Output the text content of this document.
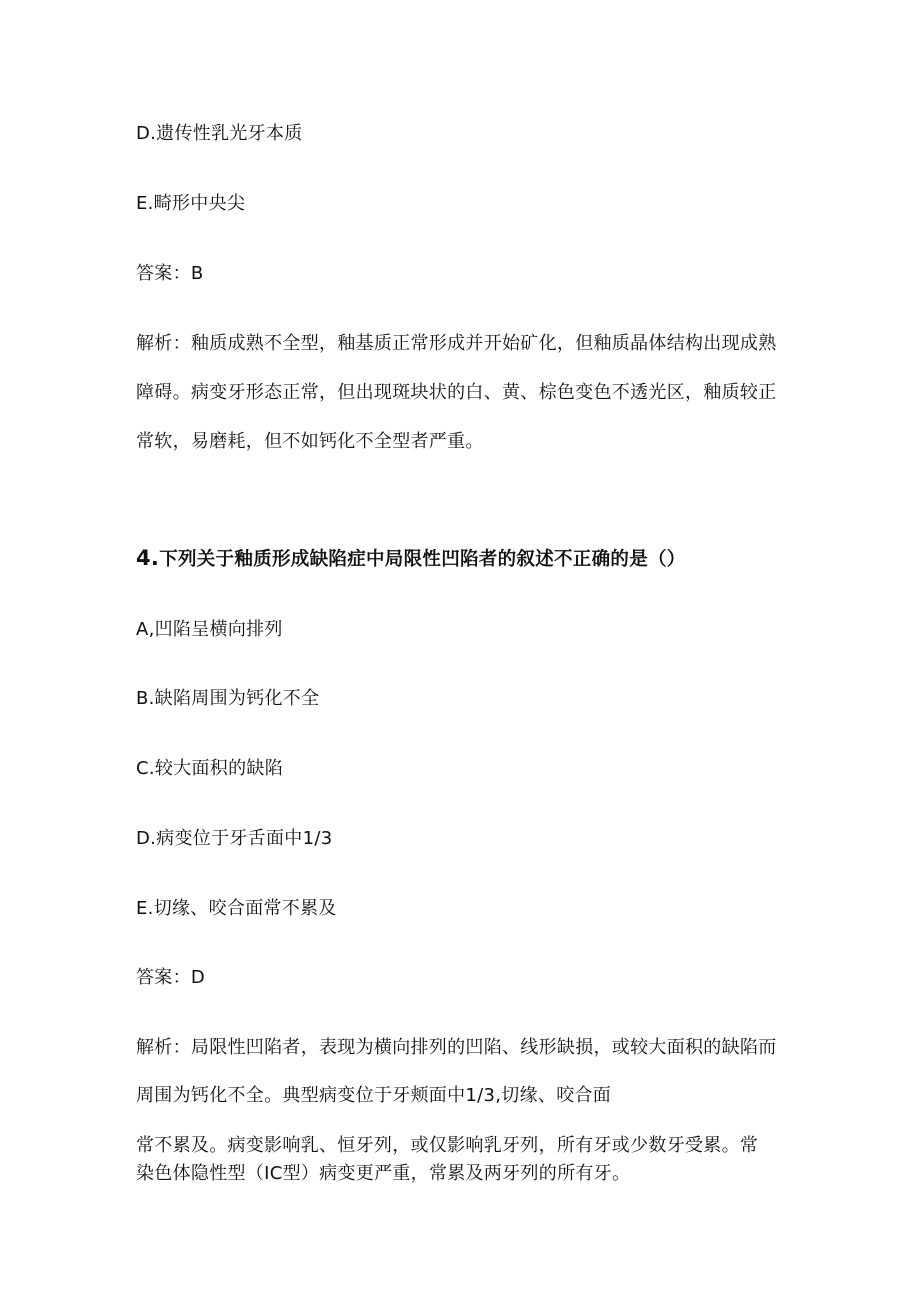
D.遗传性乳光牙本质
E.畸形中央尖
答案：B
解析：釉质成熟不全型，釉基质正常形成并开始矿化，但釉质晶体结构出现成熟
障碍。病变牙形态正常，但出现斑块状的白、黄、棕色变色不透光区，釉质较正
常软，易磨耗，但不如钙化不全型者严重。
4.下列关于釉质形成缺陷症中局限性凹陷者的叙述不正确的是（）
A,凹陷呈横向排列
B.缺陷周围为钙化不全
C.较大面积的缺陷
D.病变位于牙舌面中1/3
E.切缘、咬合面常不累及
答案：D
解析：局限性凹陷者，表现为横向排列的凹陷、线形缺损，或较大面积的缺陷而
周围为钙化不全。典型病变位于牙颊面中1/3,切缘、咬合面
常不累及。病变影响乳、恒牙列，或仅影响乳牙列，所有牙或少数牙受累。常
染色体隐性型（IC型）病变更严重，常累及两牙列的所有牙。
